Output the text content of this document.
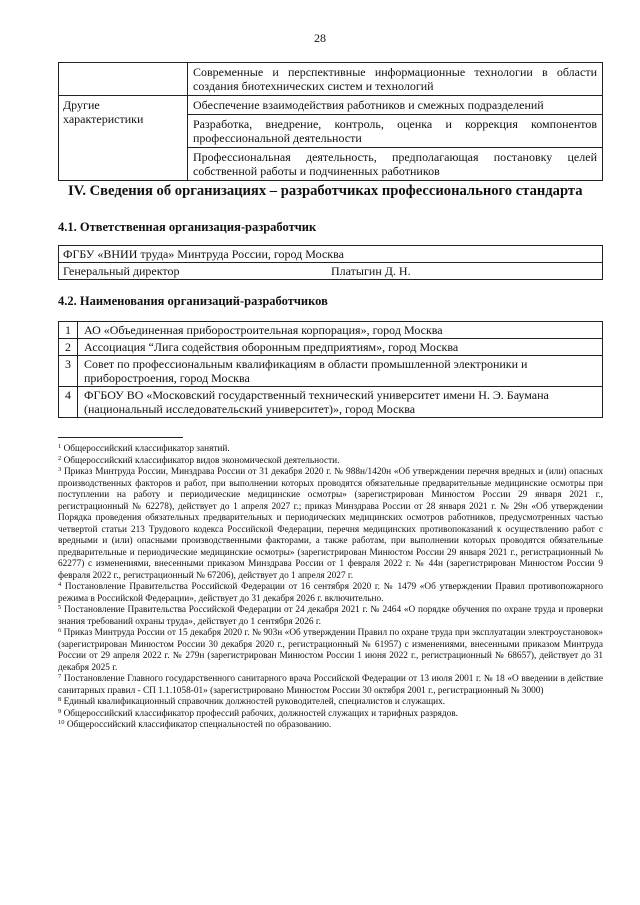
28
	Современные и перспективные информационные технологии в области создания биотехнических систем и технологий
Другие характеристики	Обеспечение взаимодействия работников и смежных подразделений
	Разработка, внедрение, контроль, оценка и коррекция компонентов профессиональной деятельности
	Профессиональная деятельность, предполагающая постановку целей собственной работы и подчиненных работников
IV. Сведения об организациях – разработчиках профессионального стандарта
4.1. Ответственная организация-разработчик
ФГБУ «ВНИИ труда» Минтруда России, город Москва
Генеральный директор	Платыгин Д. Н.
4.2. Наименования организаций-разработчиков
1	АО «Объединенная приборостроительная корпорация», город Москва
2	Ассоциация “Лига содействия оборонным предприятиям», город Москва
3	Совет по профессиональным квалификациям в области промышленной электроники и приборостроения, город Москва
4	ФГБОУ ВО «Московский государственный технический университет имени Н. Э. Баумана (национальный исследовательский университет)», город Москва

$^1$ Общероссийский классификатор занятий.

$^2$ Общероссийский классификатор видов экономической деятельности.

$^3$ Приказ Минтруда России, Минздрава России от 31 декабря 2020 г. № 988н/1420н «Об утверждении перечня вредных и (или) опасных производственных факторов и работ, при выполнении которых проводятся обязательные предварительные медицинские осмотры при поступлении на работу и периодические медицинские осмотры» (зарегистрирован Минюстом России 29 января 2021 г., регистрационный № 62278), действует до 1 апреля 2027 г.; приказ Минздрава России от 28 января 2021 г. № 29н «Об утверждении Порядка проведения обязательных предварительных и периодических медицинских осмотров работников, предусмотренных частью четвертой статьи 213 Трудового кодекса Российской Федерации, перечня медицинских противопоказаний к осуществлению работ с вредными и (или) опасными производственными факторами, а также работам, при выполнении которых проводятся обязательные предварительные и периодические медицинские осмотры» (зарегистрирован Минюстом России 29 января 2021 г., регистрационный № 62277) с изменениями, внесенными приказом Минздрава России от 1 февраля 2022 г. № 44н (зарегистрирован Минюстом России 9 февраля 2022 г., регистрационный № 67206), действует до 1 апреля 2027 г.

$^4$ Постановление Правительства Российской Федерации от 16 сентября 2020 г. № 1479 «Об утверждении Правил противопожарного режима в Российской Федерации», действует до 31 декабря 2026 г. включительно.

$^5$ Постановление Правительства Российской Федерации от 24 декабря 2021 г. № 2464 «О порядке обучения по охране труда и проверки знания требований охраны труда», действует до 1 сентября 2026 г.

$^6$ Приказ Минтруда России от 15 декабря 2020 г. № 903н «Об утверждении Правил по охране труда при эксплуатации электроустановок» (зарегистрирован Минюстом России 30 декабря 2020 г., регистрационный № 61957) с изменениями, внесенными приказом Минтруда России от 29 апреля 2022 г. № 279н (зарегистрирован Минюстом России 1 июня 2022 г., регистрационный № 68657), действует до 31 декабря 2025 г.

$^7$ Постановление Главного государственного санитарного врача Российской Федерации от 13 июля 2001 г. № 18 «О введении в действие санитарных правил - СП 1.1.1058-01» (зарегистрировано Минюстом России 30 октября 2001 г., регистрационный № 3000)

$^8$ Единый квалификационный справочник должностей руководителей, специалистов и служащих.

$^9$ Общероссийский классификатор профессий рабочих, должностей служащих и тарифных разрядов.

$^{10}$ Общероссийский классификатор специальностей по образованию.
